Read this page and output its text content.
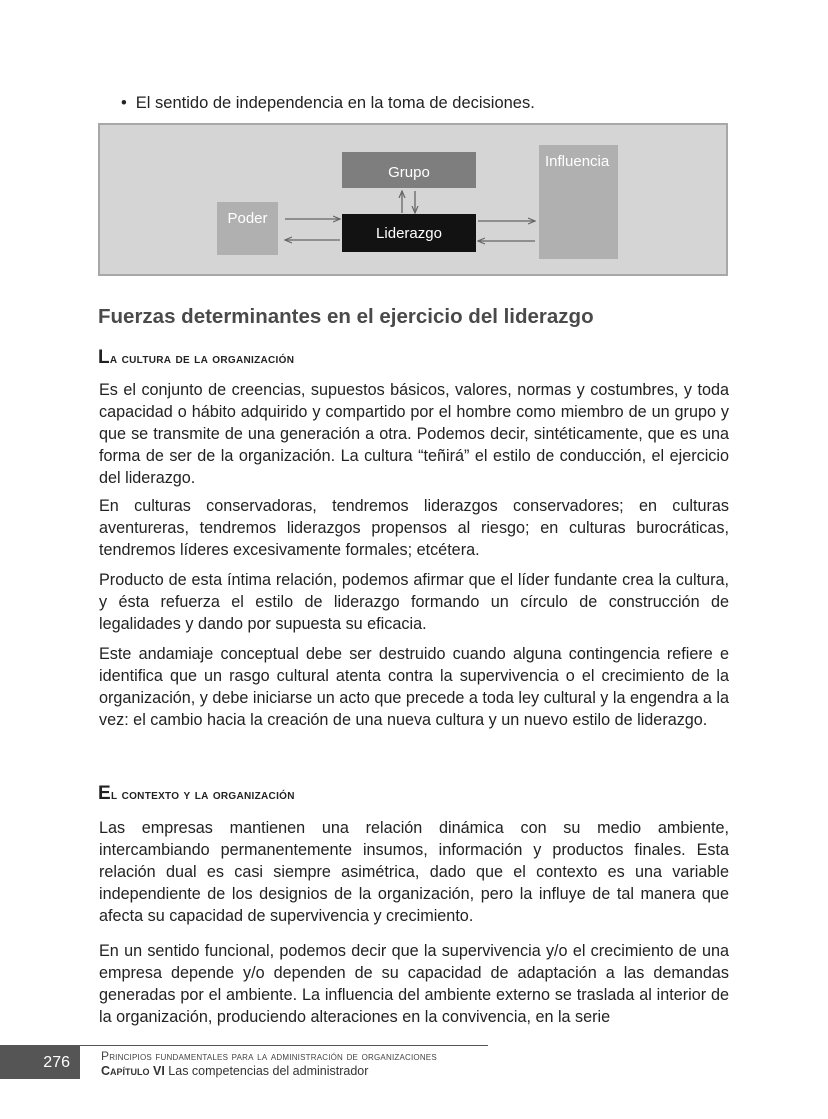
• El sentido de independencia en la toma de decisiones.
Grupo
Poder
Liderazgo
Influencia
Fuerzas determinantes en el ejercicio del liderazgo
La cultura de la organización

Es el conjunto de creencias, supuestos básicos, valores, normas y costumbres, y toda capacidad o hábito adquirido y compartido por el hombre como miembro de un grupo y que se transmite de una generación a otra. Podemos decir, sintéticamente, que es una forma de ser de la organización. La cultura “teñirá” el estilo de conducción, el ejercicio del liderazgo.

En culturas conservadoras, tendremos liderazgos conservadores; en culturas aventureras, tendremos liderazgos propensos al riesgo; en culturas burocráticas, tendremos líderes excesivamente formales; etcétera.

Producto de esta íntima relación, podemos afirmar que el líder fundante crea la cultura, y ésta refuerza el estilo de liderazgo formando un círculo de construcción de legalidades y dando por supuesta su eficacia.

Este andamiaje conceptual debe ser destruido cuando alguna contingencia refiere e identifica que un rasgo cultural atenta contra la supervivencia o el crecimiento de la organización, y debe iniciarse un acto que precede a toda ley cultural y la engendra a la vez: el cambio hacia la creación de una nueva cultura y un nuevo estilo de liderazgo.

El contexto y la organización

Las empresas mantienen una relación dinámica con su medio ambiente, intercambiando permanentemente insumos, información y productos finales. Esta relación dual es casi siempre asimétrica, dado que el contexto es una variable independiente de los designios de la organización, pero la influye de tal manera que afecta su capacidad de supervivencia y crecimiento.

En un sentido funcional, podemos decir que la supervivencia y/o el crecimiento de una empresa depende y/o dependen de su capacidad de adaptación a las demandas generadas por el ambiente. La influencia del ambiente externo se traslada al interior de la organización, produciendo alteraciones en la convivencia, en la serie

276	Principios fundamentales para la administración de organizaciones
Capítulo VI Las competencias del administrador
